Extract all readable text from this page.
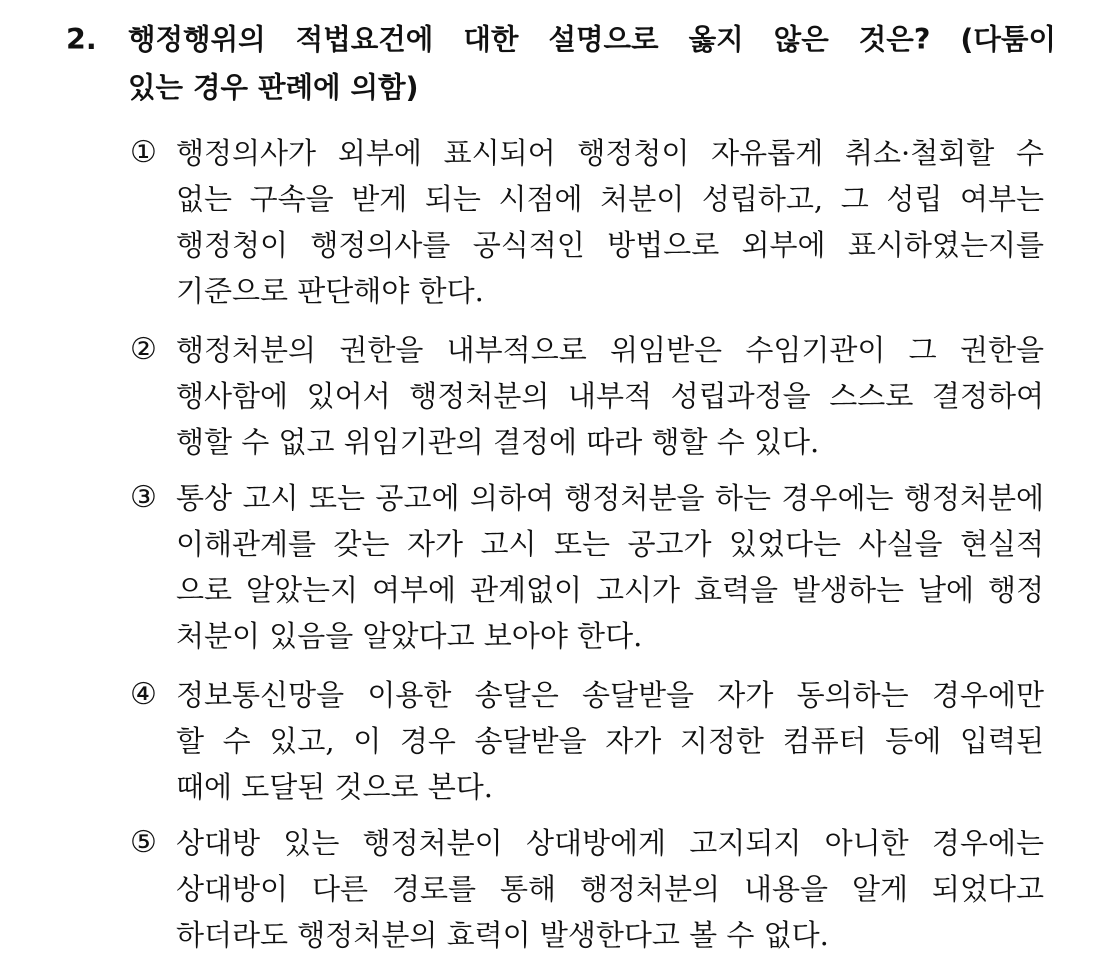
2. 행정행위의 적법요건에 대한 설명으로 옳지 않은 것은? (다툼이
있는 경우 판례에 의함)
① 행정의사가 외부에 표시되어 행정청이 자유롭게 취소·철회할 수
없는 구속을 받게 되는 시점에 처분이 성립하고, 그 성립 여부는
행정청이 행정의사를 공식적인 방법으로 외부에 표시하였는지를
기준으로 판단해야 한다.
② 행정처분의 권한을 내부적으로 위임받은 수임기관이 그 권한을
행사함에 있어서 행정처분의 내부적 성립과정을 스스로 결정하여
행할 수 없고 위임기관의 결정에 따라 행할 수 있다.
③ 통상 고시 또는 공고에 의하여 행정처분을 하는 경우에는 행정처분에
이해관계를 갖는 자가 고시 또는 공고가 있었다는 사실을 현실적
으로 알았는지 여부에 관계없이 고시가 효력을 발생하는 날에 행정
처분이 있음을 알았다고 보아야 한다.
④ 정보통신망을 이용한 송달은 송달받을 자가 동의하는 경우에만
할 수 있고, 이 경우 송달받을 자가 지정한 컴퓨터 등에 입력된
때에 도달된 것으로 본다.
⑤ 상대방 있는 행정처분이 상대방에게 고지되지 아니한 경우에는
상대방이 다른 경로를 통해 행정처분의 내용을 알게 되었다고
하더라도 행정처분의 효력이 발생한다고 볼 수 없다.
